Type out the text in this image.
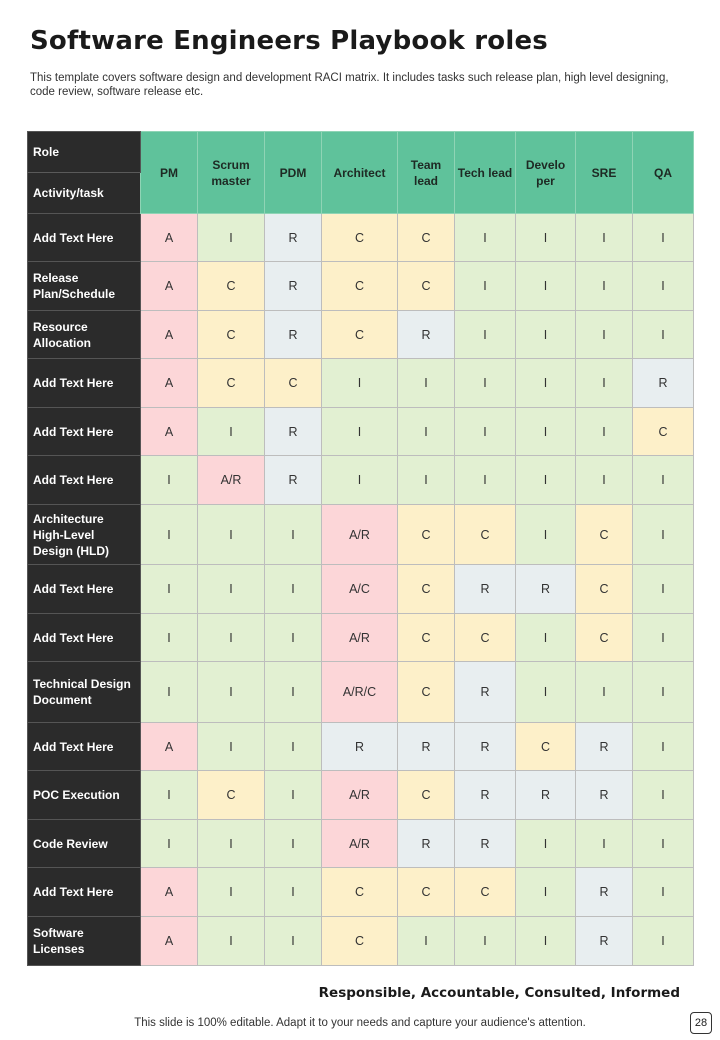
Software Engineers Playbook roles
This template covers software design and development RACI matrix. It includes tasks such release plan, high level designing, code review, software release etc.
Role	PM	Scrum master	PDM	Architect	Team lead	Tech lead	Develo per	SRE	QA
Activity/task									
Add Text Here	A	I	R	C	C	I	I	I	I
Release Plan/Schedule	A	C	R	C	C	I	I	I	I
Resource Allocation	A	C	R	C	R	I	I	I	I
Add Text Here	A	C	C	I	I	I	I	I	R
Add Text Here	A	I	R	I	I	I	I	I	C
Add Text Here	I	A/R	R	I	I	I	I	I	I
Architecture High-Level Design (HLD)	I	I	I	A/R	C	C	I	C	I
Add Text Here	I	I	I	A/C	C	R	R	C	I
Add Text Here	I	I	I	A/R	C	C	I	C	I
Technical Design Document	I	I	I	A/R/C	C	R	I	I	I
Add Text Here	A	I	I	R	R	R	C	R	I
POC Execution	I	C	I	A/R	C	R	R	R	I
Code Review	I	I	I	A/R	R	R	I	I	I
Add Text Here	A	I	I	C	C	C	I	R	I
Software Licenses	A	I	I	C	I	I	I	R	I
Responsible, Accountable, Consulted, Informed
This slide is 100% editable. Adapt it to your needs and capture your audience's attention.	28
